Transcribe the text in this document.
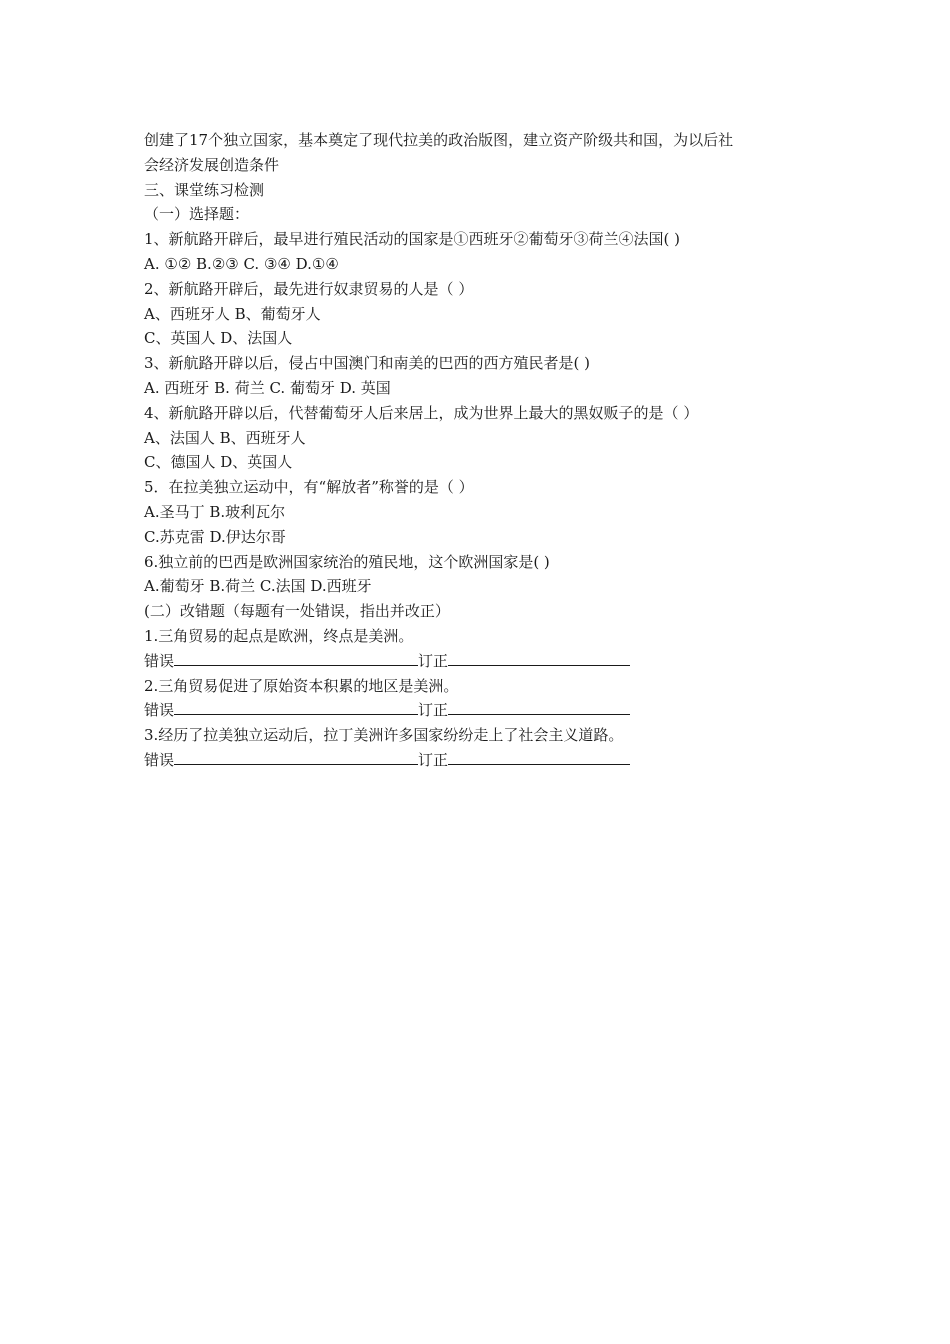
创建了17个独立国家，基本奠定了现代拉美的政治版图，建立资产阶级共和国，为以后社
会经济发展创造条件
三、课堂练习检测
（一）选择题：
1、新航路开辟后，最早进行殖民活动的国家是①西班牙②葡萄牙③荷兰④法国( )
A. ①② B.②③ C. ③④ D.①④
2、新航路开辟后，最先进行奴隶贸易的人是（ ）
A、西班牙人 B、葡萄牙人
C、英国人 D、法国人
3、新航路开辟以后，侵占中国澳门和南美的巴西的西方殖民者是( )
A. 西班牙 B. 荷兰 C. 葡萄牙 D. 英国
4、新航路开辟以后，代替葡萄牙人后来居上，成为世界上最大的黑奴贩子的是（ ）
A、法国人 B、西班牙人
C、德国人 D、英国人
5．在拉美独立运动中，有“解放者”称誉的是（ ）
A.圣马丁 B.玻利瓦尔
C.苏克雷 D.伊达尔哥
6.独立前的巴西是欧洲国家统治的殖民地，这个欧洲国家是( )
A.葡萄牙 B.荷兰 C.法国 D.西班牙
(二）改错题（每题有一处错误，指出并改正）
1.三角贸易的起点是欧洲，终点是美洲。
错误	订正
2.三角贸易促进了原始资本积累的地区是美洲。
错误	订正
3.经历了拉美独立运动后，拉丁美洲许多国家纷纷走上了社会主义道路。
错误	订正
